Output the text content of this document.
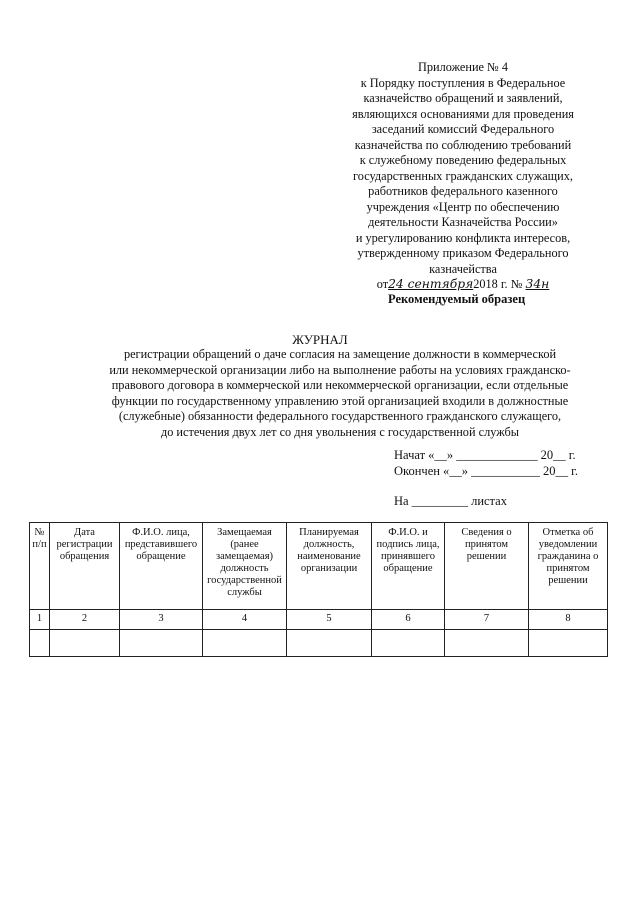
Приложение № 4
к Порядку поступления в Федеральное
казначейство обращений и заявлений,
являющихся основаниями для проведения
заседаний комиссий Федерального
казначейства по соблюдению требований
к служебному поведению федеральных
государственных гражданских служащих,
работников федерального казенного
учреждения «Центр по обеспечению
деятельности Казначейства России»
и урегулированию конфликта интересов,
утвержденному приказом Федерального
казначейства
от24 сентября2018 г. № 34н
Рекомендуемый образец
ЖУРНАЛ
регистрации обращений о даче согласия на замещение должности в коммерческой
или некоммерческой организации либо на выполнение работы на условиях гражданско-
правового договора в коммерческой или некоммерческой организации, если отдельные
функции по государственному управлению этой организацией входили в должностные
(служебные) обязанности федерального государственного гражданского служащего,
до истечения двух лет со дня увольнения с государственной службы
Начат «__» _____________ 20__ г.
Окончен «__» ___________ 20__ г.
На _________ листах
№ п/п	Дата регистрации обращения	Ф.И.О. лица, представившего обращение	Замещаемая (ранее замещаемая) должность государственной службы	Планируемая должность, наименование организации	Ф.И.О. и подпись лица, принявшего обращение	Сведения о принятом решении	Отметка об уведомлении гражданина о принятом решении
1	2	3	4	5	6	7	8
